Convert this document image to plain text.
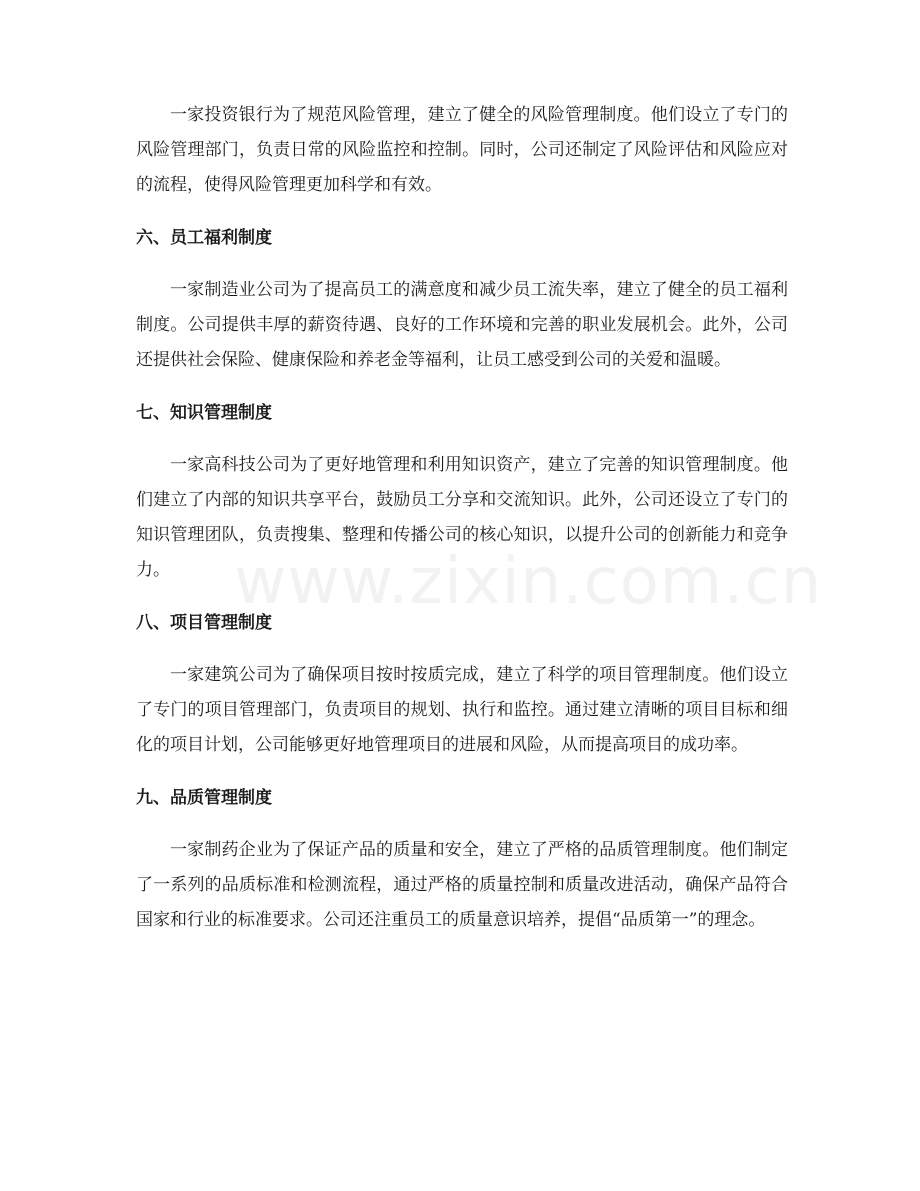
一家投资银行为了规范风险管理，建立了健全的风险管理制度。他们设立了专门的风险管理部门，负责日常的风险监控和控制。同时，公司还制定了风险评估和风险应对的流程，使得风险管理更加科学和有效。

六、员工福利制度

一家制造业公司为了提高员工的满意度和减少员工流失率，建立了健全的员工福利制度。公司提供丰厚的薪资待遇、良好的工作环境和完善的职业发展机会。此外，公司还提供社会保险、健康保险和养老金等福利，让员工感受到公司的关爱和温暖。

七、知识管理制度

一家高科技公司为了更好地管理和利用知识资产，建立了完善的知识管理制度。他们建立了内部的知识共享平台，鼓励员工分享和交流知识。此外，公司还设立了专门的知识管理团队，负责搜集、整理和传播公司的核心知识，以提升公司的创新能力和竞争力。

八、项目管理制度

一家建筑公司为了确保项目按时按质完成，建立了科学的项目管理制度。他们设立了专门的项目管理部门，负责项目的规划、执行和监控。通过建立清晰的项目目标和细化的项目计划，公司能够更好地管理项目的进展和风险，从而提高项目的成功率。

九、品质管理制度

一家制药企业为了保证产品的质量和安全，建立了严格的品质管理制度。他们制定了一系列的品质标准和检测流程，通过严格的质量控制和质量改进活动，确保产品符合国家和行业的标准要求。公司还注重员工的质量意识培养，提倡“品质第一”的理念。

www.zixin.com.cn
